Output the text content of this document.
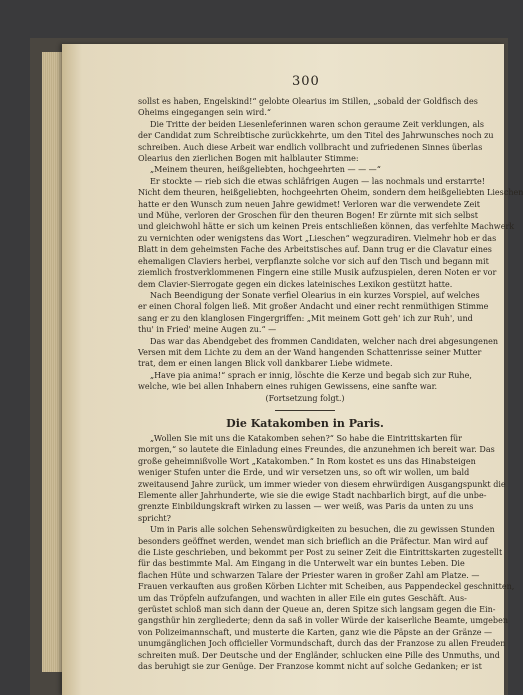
300

sollst es haben, Engelskind!“ gelobte Olearius im Stillen, „sobald der Goldfisch des
Oheims eingegangen sein wird.“
Die Tritte der beiden Liesenleferinnen waren schon geraume Zeit verklungen, als
der Candidat zum Schreibtische zurückkehrte, um den Titel des Jahrwunsches noch zu
schreiben. Auch diese Arbeit war endlich vollbracht und zufriedenen Sinnes überlas
Olearius den zierlichen Bogen mit halblauter Stimme:
„Meinem theuren, heißgeliebten, hochgeehrten — — —“
Er stockte — rieb sich die etwas schläfrigen Augen — las nochmals und erstarrte!
Nicht dem theuren, heißgeliebten, hochgeehrten Oheim, sondern dem heißgeliebten Lieschen
hatte er den Wunsch zum neuen Jahre gewidmet! Verloren war die verwendete Zeit
und Mühe, verloren der Groschen für den theuren Bogen! Er zürnte mit sich selbst
und gleichwohl hätte er sich um keinen Preis entschließen können, das verfehlte Machwerk
zu vernichten oder wenigstens das Wort „Lieschen“ wegzuradiren. Vielmehr hob er das
Blatt in dem geheimsten Fache des Arbeitstisches auf. Dann trug er die Clavatur eines
ehemaligen Claviers herbei, verpflanzte solche vor sich auf den Tisch und begann mit
ziemlich frostverklommenen Fingern eine stille Musik aufzuspielen, deren Noten er vor
dem Clavier-Sierrogate gegen ein dickes lateinisches Lexikon gestützt hatte.
Nach Beendigung der Sonate verfiel Olearius in ein kurzes Vorspiel, auf welches
er einen Choral folgen ließ. Mit großer Andacht und einer recht renmüthigen Stimme
sang er zu den klanglosen Fingergriffen: „Mit meinem Gott geh' ich zur Ruh', und
thu' in Fried' meine Augen zu.“ —
Das war das Abendgebet des frommen Candidaten, welcher nach drei abgesungenen
Versen mit dem Lichte zu dem an der Wand hangenden Schattenrisse seiner Mutter
trat, dem er einen langen Blick voll dankbarer Liebe widmete.
„Have pia anima!“ sprach er innig, löschte die Kerze und begab sich zur Ruhe,
welche, wie bei allen Inhabern eines ruhigen Gewissens, eine sanfte war.

(Fortsetzung folgt.)
Die Katakomben in Paris.

„Wollen Sie mit uns die Katakomben sehen?“ So habe die Eintrittskarten für
morgen,“ so lautete die Einladung eines Freundes, die anzunehmen ich bereit war. Das
große geheimnißvolle Wort „Katakomben.“ In Rom kostet es uns das Hinabsteigen
weniger Stufen unter die Erde, und wir versetzen uns, so oft wir wollen, um bald
zweitausend Jahre zurück, um immer wieder von diesem ehrwürdigen Ausgangspunkt die
Elemente aller Jahrhunderte, wie sie die ewige Stadt nachbarlich birgt, auf die unbe-
grenzte Einbildungskraft wirken zu lassen — wer weiß, was Paris da unten zu uns
spricht?
Um in Paris alle solchen Sehenswürdigkeiten zu besuchen, die zu gewissen Stunden
besonders geöffnet werden, wendet man sich brieflich an die Präfectur. Man wird auf
die Liste geschrieben, und bekommt per Post zu seiner Zeit die Eintrittskarten zugestellt
für das bestimmte Mal. Am Eingang in die Unterwelt war ein buntes Leben. Die
flachen Hüte und schwarzen Talare der Priester waren in großer Zahl am Platze. —
Frauen verkauften aus großen Körben Lichter mit Scheiben, aus Pappendeckel geschnitten,
um das Tröpfeln aufzufangen, und wachten in aller Eile ein gutes Geschäft. Aus-
gerüstet schloß man sich dann der Queue an, deren Spitze sich langsam gegen die Ein-
gangsthür hin zergliederte; denn da saß in voller Würde der kaiserliche Beamte, umgeben
von Polizeimannschaft, und musterte die Karten, ganz wie die Päpste an der Gränze —
unumgänglichen Joch officieller Vormundschaft, durch das der Franzose zu allen Freuden
schreiten muß. Der Deutsche und der Engländer, schlucken eine Pille des Unmuths, und
das beruhigt sie zur Genüge. Der Franzose kommt nicht auf solche Gedanken; er ist
